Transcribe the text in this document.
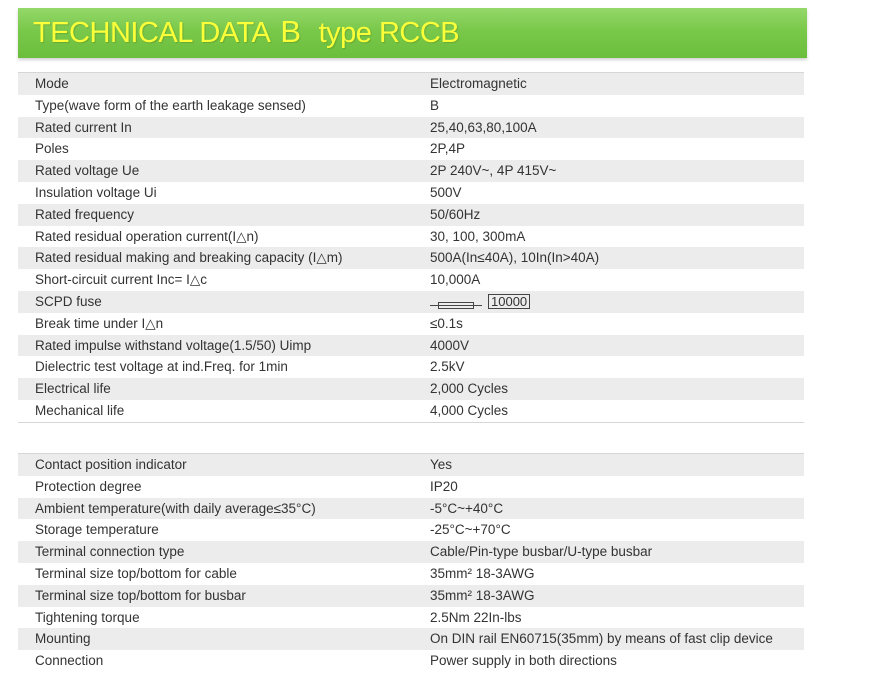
TECHNICAL DATA B type RCCB
Mode	Electromagnetic
Type(wave form of the earth leakage sensed)	B
Rated current In	25,40,63,80,100A
Poles	2P,4P
Rated voltage Ue	2P 240V~, 4P 415V~
Insulation voltage Ui	500V
Rated frequency	50/60Hz
Rated residual operation current(I△n)	30, 100, 300mA
Rated residual making and breaking capacity (I△m)	500A(In≤40A), 10In(In>40A)
Short-circuit current Inc= I△c	10,000A
SCPD fuse	10000
Break time under I△n	≤0.1s
Rated impulse withstand voltage(1.5/50) Uimp	4000V
Dielectric test voltage at ind.Freq. for 1min	2.5kV
Electrical life	2,000 Cycles
Mechanical life	4,000 Cycles
Contact position indicator	Yes
Protection degree	IP20
Ambient temperature(with daily average≤35°C)	-5°C~+40°C
Storage temperature	-25°C~+70°C
Terminal connection type	Cable/Pin-type busbar/U-type busbar
Terminal size top/bottom for cable	35mm² 18-3AWG
Terminal size top/bottom for busbar	35mm² 18-3AWG
Tightening torque	2.5Nm 22In-lbs
Mounting	On DIN rail EN60715(35mm) by means of fast clip device
Connection	Power supply in both directions
